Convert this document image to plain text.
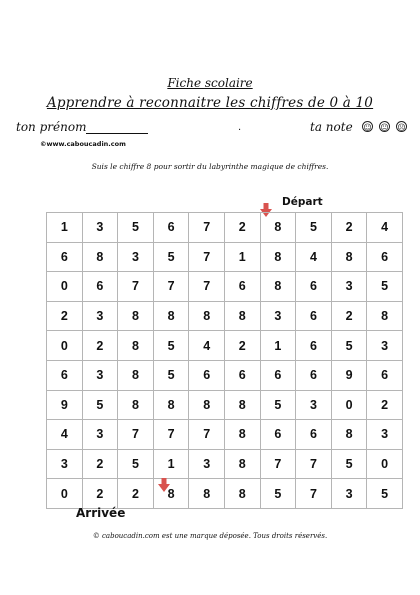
Fiche scolaire
Apprendre à reconnaitre les chiffres de 0 à 10
ton prénom	.	ta note ☺ 😐 ☹
©www.caboucadin.com
Suis le chiffre 8 pour sortir du labyrinthe magique de chiffres.
Départ
1	3	5	6	7	2	8	5	2	4
6	8	3	5	7	1	8	4	8	6
0	6	7	7	7	6	8	6	3	5
2	3	8	8	8	8	3	6	2	8
0	2	8	5	4	2	1	6	5	3
6	3	8	5	6	6	6	6	9	6
9	5	8	8	8	8	5	3	0	2
4	3	7	7	7	8	6	6	8	3
3	2	5	1	3	8	7	7	5	0
0	2	2	8	8	8	5	7	3	5
Arrivée
© caboucadin.com est une marque déposée. Tous droits réservés.
